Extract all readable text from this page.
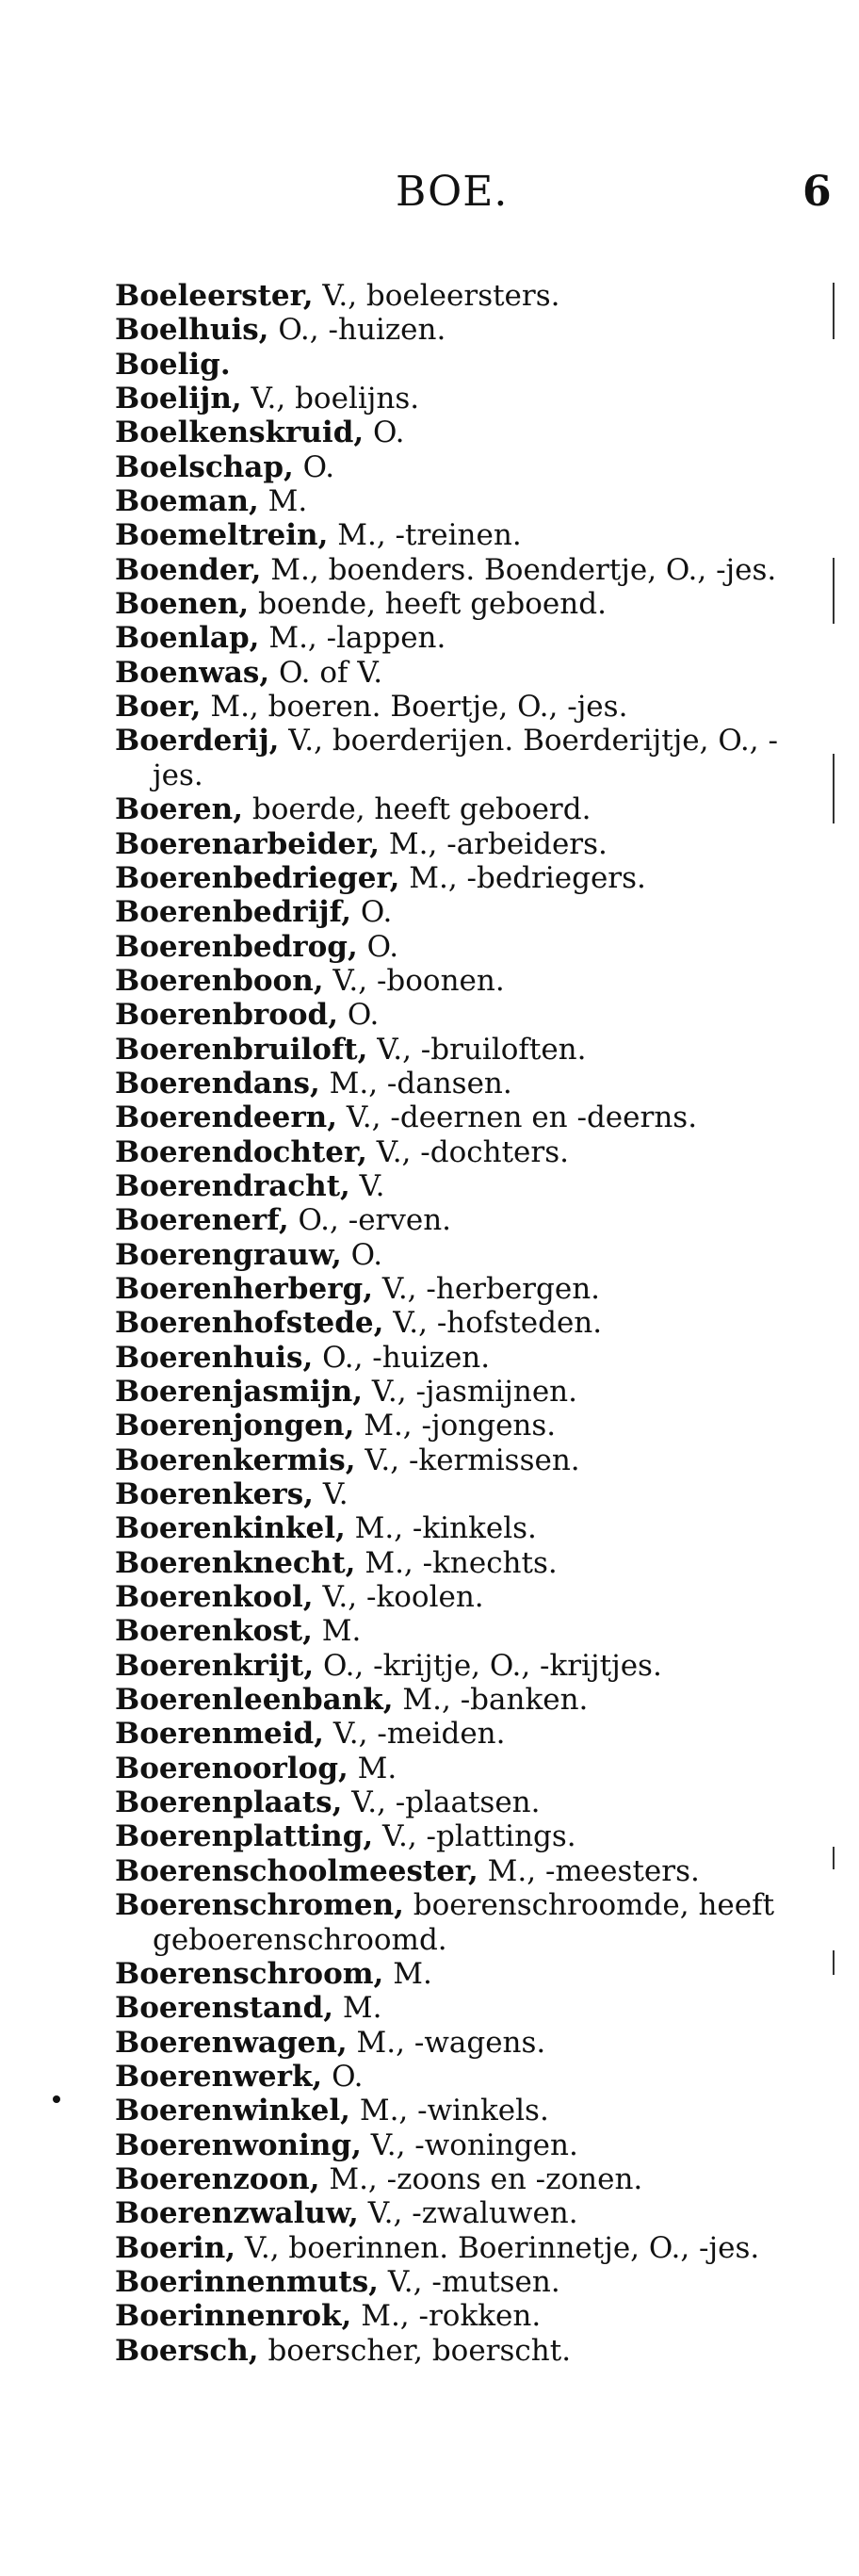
BOE.	6

Boeleerster, V., boeleersters.

Boelhuis, O., -huizen.

Boelig.

Boelijn, V., boelijns.

Boelkenskruid, O.

Boelschap, O.

Boeman, M.

Boemeltrein, M., -treinen.

Boender, M., boenders. Boendertje, O., -jes.

Boenen, boende, heeft geboend.

Boenlap, M., -lappen.

Boenwas, O. of V.

Boer, M., boeren. Boertje, O., -jes.

Boerderij, V., boerderijen. Boerderijtje, O., -jes.

Boeren, boerde, heeft geboerd.

Boerenarbeider, M., -arbeiders.

Boerenbedrieger, M., -bedriegers.

Boerenbedrijf, O.

Boerenbedrog, O.

Boerenboon, V., -boonen.

Boerenbrood, O.

Boerenbruiloft, V., -bruiloften.

Boerendans, M., -dansen.

Boerendeern, V., -deernen en -deerns.

Boerendochter, V., -dochters.

Boerendracht, V.

Boerenerf, O., -erven.

Boerengrauw, O.

Boerenherberg, V., -herbergen.

Boerenhofstede, V., -hofsteden.

Boerenhuis, O., -huizen.

Boerenjasmijn, V., -jasmijnen.

Boerenjongen, M., -jongens.

Boerenkermis, V., -kermissen.

Boerenkers, V.

Boerenkinkel, M., -kinkels.

Boerenknecht, M., -knechts.

Boerenkool, V., -koolen.

Boerenkost, M.

Boerenkrijt, O., -krijtje, O., -krijtjes.

Boerenleenbank, M., -banken.

Boerenmeid, V., -meiden.

Boerenoorlog, M.

Boerenplaats, V., -plaatsen.

Boerenplatting, V., -plattings.

Boerenschoolmeester, M., -meesters.

Boerenschromen, boerenschroomde, heeft geboerenschroomd.

Boerenschroom, M.

Boerenstand, M.

Boerenwagen, M., -wagens.

Boerenwerk, O.

Boerenwinkel, M., -winkels.

Boerenwoning, V., -woningen.

Boerenzoon, M., -zoons en -zonen.

Boerenzwaluw, V., -zwaluwen.

Boerin, V., boerinnen. Boerinnetje, O., -jes.

Boerinnenmuts, V., -mutsen.

Boerinnenrok, M., -rokken.

Boersch, boerscher, boerscht.
